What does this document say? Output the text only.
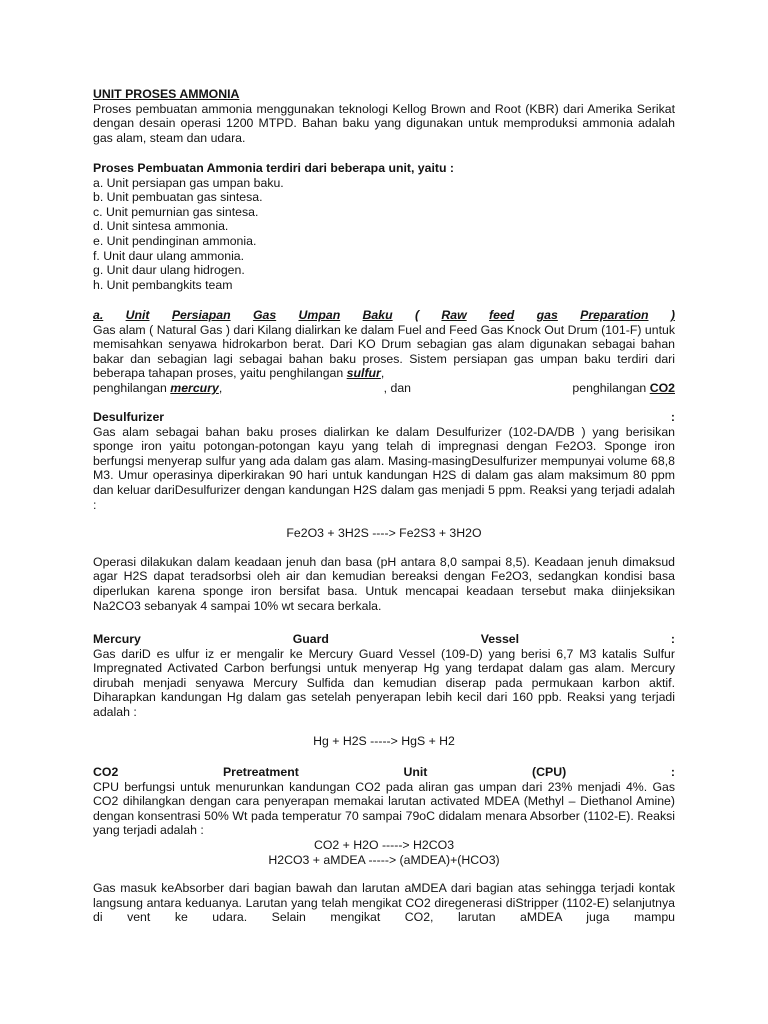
UNIT PROSES AMMONIA

Proses pembuatan ammonia menggunakan teknologi Kellog Brown and Root (KBR) dari Amerika Serikat dengan desain operasi 1200 MTPD. Bahan baku yang digunakan untuk memproduksi ammonia adalah gas alam, steam dan udara.

Proses Pembuatan Ammonia terdiri dari beberapa unit, yaitu :

a. Unit persiapan gas umpan baku.

b. Unit pembuatan gas sintesa.

c. Unit pemurnian gas sintesa.

d. Unit sintesa ammonia.

e. Unit pendinginan ammonia.

f. Unit daur ulang ammonia.

g. Unit daur ulang hidrogen.

h. Unit pembangkits team

a. Unit Persiapan Gas Umpan Baku ( Raw feed gas Preparation )

Gas alam ( Natural Gas ) dari Kilang dialirkan ke dalam Fuel and Feed Gas Knock Out Drum (101-F) untuk memisahkan senyawa hidrokarbon berat. Dari KO Drum sebagian gas alam digunakan sebagai bahan bakar dan sebagian lagi sebagai bahan baku proses. Sistem persiapan gas umpan baku terdiri dari beberapa tahapan proses, yaitu penghilangan sulfur,

penghilangan mercury,	, dan	penghilangan CO2
Desulfurizer	:

Gas alam sebagai bahan baku proses dialirkan ke dalam Desulfurizer (102-DA/DB ) yang berisikan sponge iron yaitu potongan-potongan kayu yang telah di impregnasi dengan Fe2O3. Sponge iron berfungsi menyerap sulfur yang ada dalam gas alam. Masing-masingDesulfurizer mempunyai volume 68,8 M3. Umur operasinya diperkirakan 90 hari untuk kandungan H2S di dalam gas alam maksimum 80 ppm dan keluar dariDesulfurizer dengan kandungan H2S dalam gas menjadi 5 ppm. Reaksi yang terjadi adalah :

Fe2O3 + 3H2S ----> Fe2S3 + 3H2O

Operasi dilakukan dalam keadaan jenuh dan basa (pH antara 8,0 sampai 8,5). Keadaan jenuh dimaksud agar H2S dapat teradsorbsi oleh air dan kemudian bereaksi dengan Fe2O3, sedangkan kondisi basa diperlukan karena sponge iron bersifat basa. Untuk mencapai keadaan tersebut maka diinjeksikan Na2CO3 sebanyak 4 sampai 10% wt secara berkala.

Mercury	Guard	Vessel	:

Gas dariD es ulfur iz er mengalir ke Mercury Guard Vessel (109-D) yang berisi 6,7 M3 katalis Sulfur Impregnated Activated Carbon berfungsi untuk menyerap Hg yang terdapat dalam gas alam. Mercury dirubah menjadi senyawa Mercury Sulfida dan kemudian diserap pada permukaan karbon aktif. Diharapkan kandungan Hg dalam gas setelah penyerapan lebih kecil dari 160 ppb. Reaksi yang terjadi adalah :

Hg + H2S -----> HgS + H2

CO2	Pretreatment	Unit	(CPU)	:

CPU berfungsi untuk menurunkan kandungan CO2 pada aliran gas umpan dari 23% menjadi 4%. Gas CO2 dihilangkan dengan cara penyerapan memakai larutan activated MDEA (Methyl – Diethanol Amine) dengan konsentrasi 50% Wt pada temperatur 70 sampai 79oC didalam menara Absorber (1102-E). Reaksi yang terjadi adalah :

CO2 + H2O -----> H2CO3

H2CO3 + aMDEA -----> (aMDEA)+(HCO3)

Gas masuk keAbsorber dari bagian bawah dan larutan aMDEA dari bagian atas sehingga terjadi kontak langsung antara keduanya. Larutan yang telah mengikat CO2 diregenerasi diStripper (1102-E) selanjutnya di vent ke udara. Selain mengikat CO2, larutan aMDEA juga mampu
